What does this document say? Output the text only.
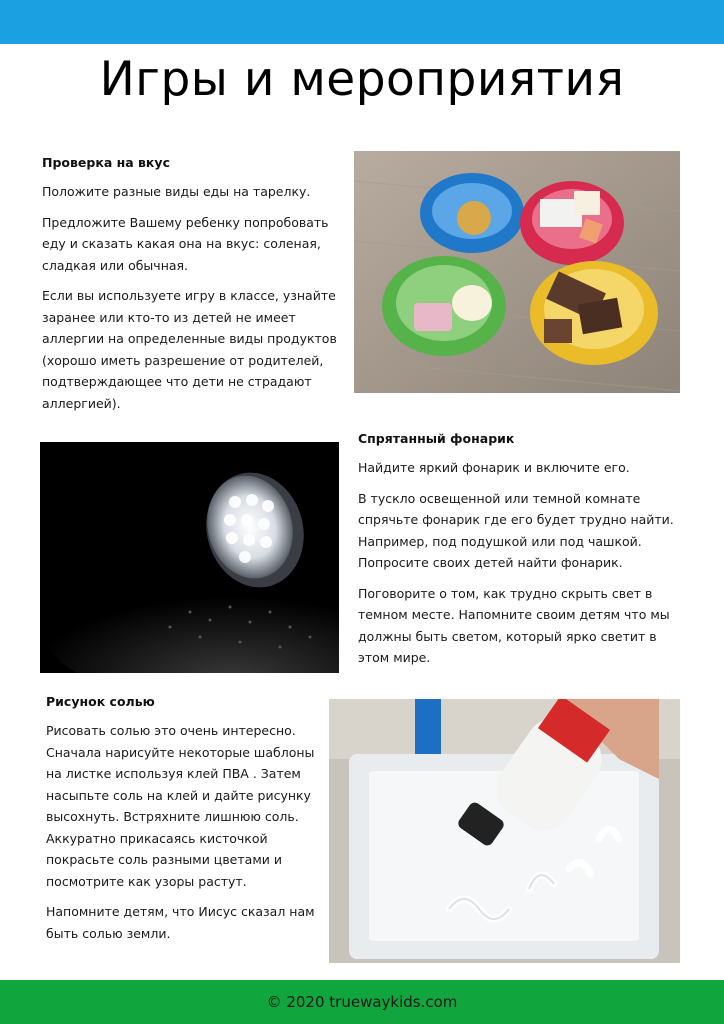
Игры и мероприятия
Проверка на вкус

Положите разные виды еды на тарелку.

Предложите Вашему ребенку попробовать еду и сказать какая она на вкус: соленая, сладкая или обычная.

Если вы используете игру в классе, узнайте заранее или кто-то из детей не имеет аллергии на определенные виды продуктов (хорошо иметь разрешение от родителей, подтверждающее что дети не страдают аллергией).

Спрятанный фонарик

Найдите яркий фонарик и включите его.

В тускло освещенной или темной комнате спрячьте фонарик где его будет трудно найти. Например, под подушкой или под чашкой. Попросите своих детей найти фонарик.

Поговорите о том, как трудно скрыть свет в темном месте. Напомните своим детям что мы должны быть светом, который ярко светит в этом мире.

Рисунок солью

Рисовать солью это очень интересно. Сначала нарисуйте некоторые шаблоны на листке используя клей ПВА . Затем насыпьте соль на клей и дайте рисунку высохнуть. Встряхните лишнюю соль. Аккуратно прикасаясь кисточкой покрасьте соль разными цветами и посмотрите как узоры растут.

Напомните детям, что Иисус сказал нам быть солью земли.

© 2020 truewaykids.com
